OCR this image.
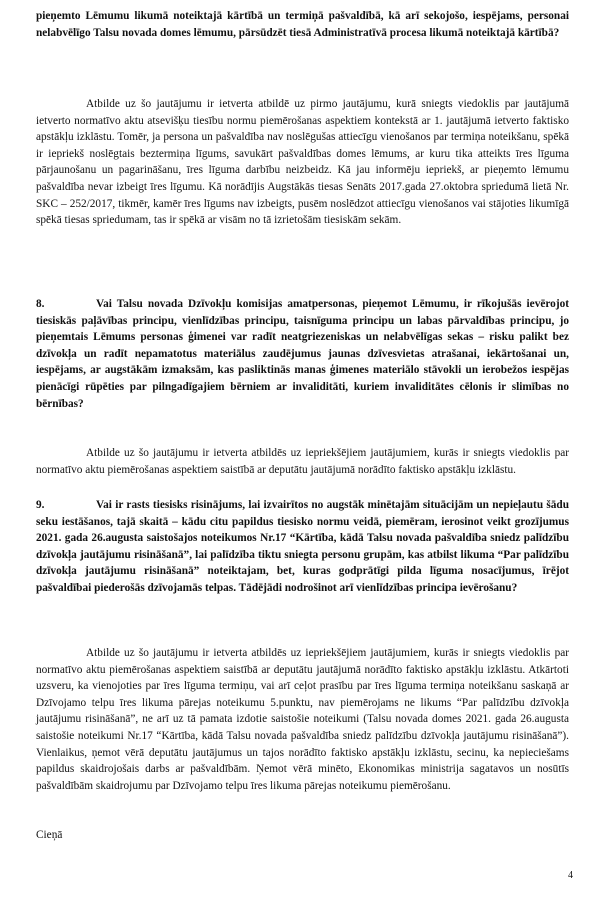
pieņemto Lēmumu likumā noteiktajā kārtībā un termiņā pašvaldībā, kā arī sekojošo, iespējams, personai nelabvēlīgo Talsu novada domes lēmumu, pārsūdzēt tiesā Administratīvā procesa likumā noteiktajā kārtībā?

Atbilde uz šo jautājumu ir ietverta atbildē uz pirmo jautājumu, kurā sniegts viedoklis par jautājumā ietverto normatīvo aktu atsevišķu tiesību normu piemērošanas aspektiem kontekstā ar 1. jautājumā ietverto faktisko apstākļu izklāstu. Tomēr, ja persona un pašvaldība nav noslēgušas attiecīgu vienošanos par termiņa noteikšanu, spēkā ir iepriekš noslēgtais beztermiņa līgums, savukārt pašvaldības domes lēmums, ar kuru tika atteikts īres līguma pārjaunošanu un pagarināšanu, īres līguma darbību neizbeidz. Kā jau informēju iepriekš, ar pieņemto lēmumu pašvaldība nevar izbeigt īres līgumu. Kā norādījis Augstākās tiesas Senāts 2017.gada 27.oktobra spriedumā lietā Nr. SKC – 252/2017, tikmēr, kamēr īres līgums nav izbeigts, pusēm noslēdzot attiecīgu vienošanos vai stājoties likumīgā spēkā tiesas spriedumam, tas ir spēkā ar visām no tā izrietošām tiesiskām sekām.

8.	Vai Talsu novada Dzīvokļu komisijas amatpersonas, pieņemot Lēmumu, ir rīkojušās ievērojot tiesiskās paļāvības principu, vienlīdzības principu, taisnīguma principu un labas pārvaldības principu, jo pieņemtais Lēmums personas ģimenei var radīt neatgriezeniskas un nelabvēlīgas sekas – risku palikt bez dzīvokļa un radīt nepamatotus materiālus zaudējumus jaunas dzīvesvietas atrašanai, iekārtošanai un, iespējams, ar augstākām izmaksām, kas pasliktinās manas ģimenes materiālo stāvokli un ierobežos iespējas pienācīgi rūpēties par pilngadīgajiem bērniem ar invaliditāti, kuriem invaliditātes cēlonis ir slimības no bērnības?

Atbilde uz šo jautājumu ir ietverta atbildēs uz iepriekšējiem jautājumiem, kurās ir sniegts viedoklis par normatīvo aktu piemērošanas aspektiem saistībā ar deputātu jautājumā norādīto faktisko apstākļu izklāstu.

9.	Vai ir rasts tiesisks risinājums, lai izvairītos no augstāk minētajām situācijām un nepieļautu šādu seku iestāšanos, tajā skaitā – kādu citu papildus tiesisko normu veidā, piemēram, ierosinot veikt grozījumus 2021. gada 26.augusta saistošajos noteikumos Nr.17 “Kārtība, kādā Talsu novada pašvaldība sniedz palīdzību dzīvokļa jautājumu risināšanā”, lai palīdzība tiktu sniegta personu grupām, kas atbilst likuma “Par palīdzību dzīvokļa jautājumu risināšanā” noteiktajam, bet, kuras godprātīgi pilda līguma nosacījumus, īrējot pašvaldībai piederošās dzīvojamās telpas. Tādējādi nodrošinot arī vienlīdzības principa ievērošanu?

Atbilde uz šo jautājumu ir ietverta atbildēs uz iepriekšējiem jautājumiem, kurās ir sniegts viedoklis par normatīvo aktu piemērošanas aspektiem saistībā ar deputātu jautājumā norādīto faktisko apstākļu izklāstu. Atkārtoti uzsveru, ka vienojoties par īres līguma termiņu, vai arī ceļot prasību par īres līguma termiņa noteikšanu saskaņā ar Dzīvojamo telpu īres likuma pārejas noteikumu 5.punktu, nav piemērojams ne likums “Par palīdzību dzīvokļa jautājumu risināšanā”, ne arī uz tā pamata izdotie saistošie noteikumi (Talsu novada domes 2021. gada 26.augusta saistošie noteikumi Nr.17 “Kārtība, kādā Talsu novada pašvaldība sniedz palīdzību dzīvokļa jautājumu risināšanā”). Vienlaikus, ņemot vērā deputātu jautājumus un tajos norādīto faktisko apstākļu izklāstu, secinu, ka nepieciešams papildus skaidrojošais darbs ar pašvaldībām. Ņemot vērā minēto, Ekonomikas ministrija sagatavos un nosūtīs pašvaldībām skaidrojumu par Dzīvojamo telpu īres likuma pārejas noteikumu piemērošanu.

Cieņā

4
